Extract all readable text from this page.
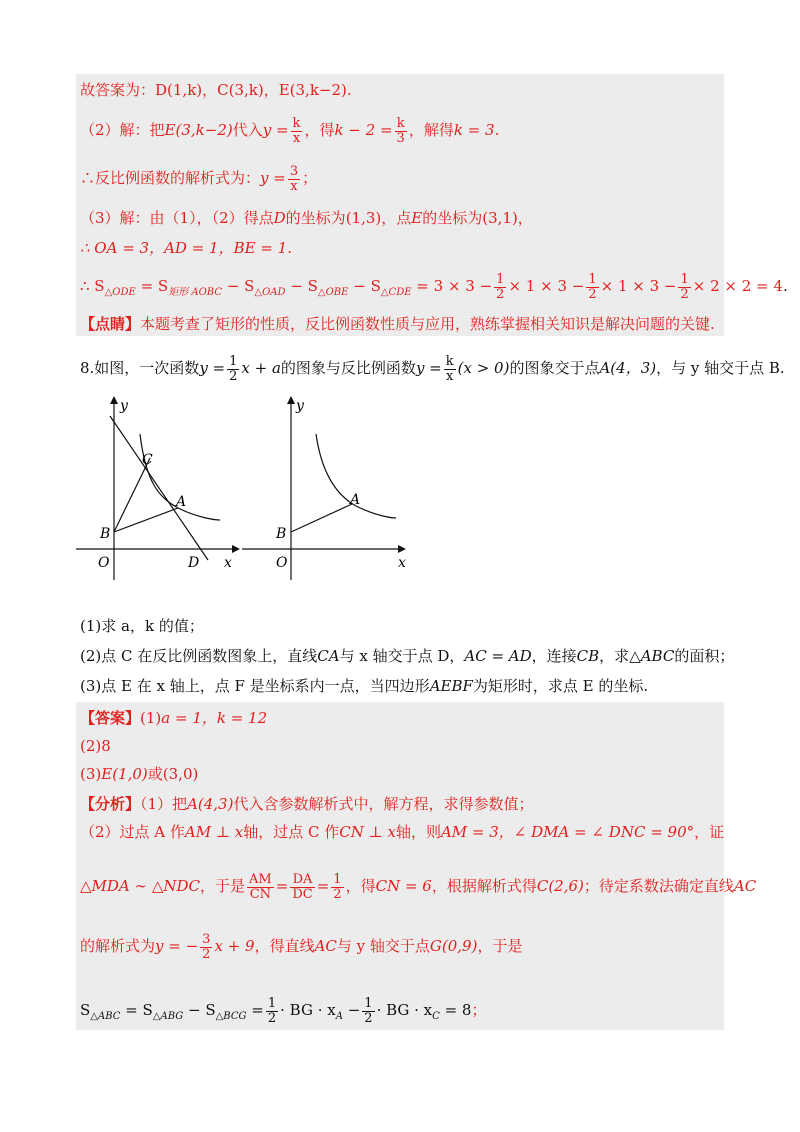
故答案为：D(1,k)，C(3,k)，E(3,k−2).
（2）解：把E(3,k−2)代入$y = \frac{k}{x}$ ，得$k - 2 = \frac{k}{3}$ ，解得k = 3.
∴反比例函数的解析式为：$y = \frac{3}{x}$ ；
（3）解：由（1），（2）得点D的坐标为(1,3)，点E的坐标为(3,1)，
∴ OA = 3，AD = 1，BE = 1.
∴ $S_{\triangle ODE} = S_{矩形 AOBC} - S_{\triangle OAD} - S_{\triangle OBE} - S_{\triangle CDE} = 3 \times 3 - \frac{1}{2} \times 1 \times 3 - \frac{1}{2} \times 1 \times 3 - \frac{1}{2} \times 2 \times 2 = 4$.
【点睛】本题考查了矩形的性质，反比例函数性质与应用，熟练掌握相关知识是解决问题的关键.
8.如图，一次函数$y = \frac{1}{2}$ x + a的图象与反比例函数$y = \frac{k}{x} (x > 0)$的图象交于点A(4，3)，与 y 轴交于点 B.
y
C
A
B
O	D x
y
A
B
O	x
(1)求 a，k 的值；
(2)点 C 在反比例函数图象上，直线CA与 x 轴交于点 D，AC = AD，连接CB，求△ABC的面积；
(3)点 E 在 x 轴上，点 F 是坐标系内一点，当四边形AEBF为矩形时，求点 E 的坐标.
【答案】(1)a = 1，k = 12
(2)8
(3)E(1,0)或(3,0)
【分析】（1）把A(4,3)代入含参数解析式中，解方程，求得参数值；
（2）过点 A 作AM ⊥ x轴，过点 C 作CN ⊥ x轴，则AM = 3，∠ DMA = ∠ DNC = 90°，证
△MDA ∼ △NDC，于是 $\frac{AM}{CN} = \frac{DA}{DC} = \frac{1}{2}$ ，得CN = 6，根据解析式得C(2,6)；待定系数法确定直线AC
的解析式为y = − $\frac{3}{2}$ x + 9，得直线AC与 y 轴交于点G(0,9)，于是
$S_{\triangle ABC} = S_{\triangle ABG} - S_{\triangle BCG} = \frac{1}{2}$ · BG · $x_A - \frac{1}{2}$ · BG · $x_C = 8$；
